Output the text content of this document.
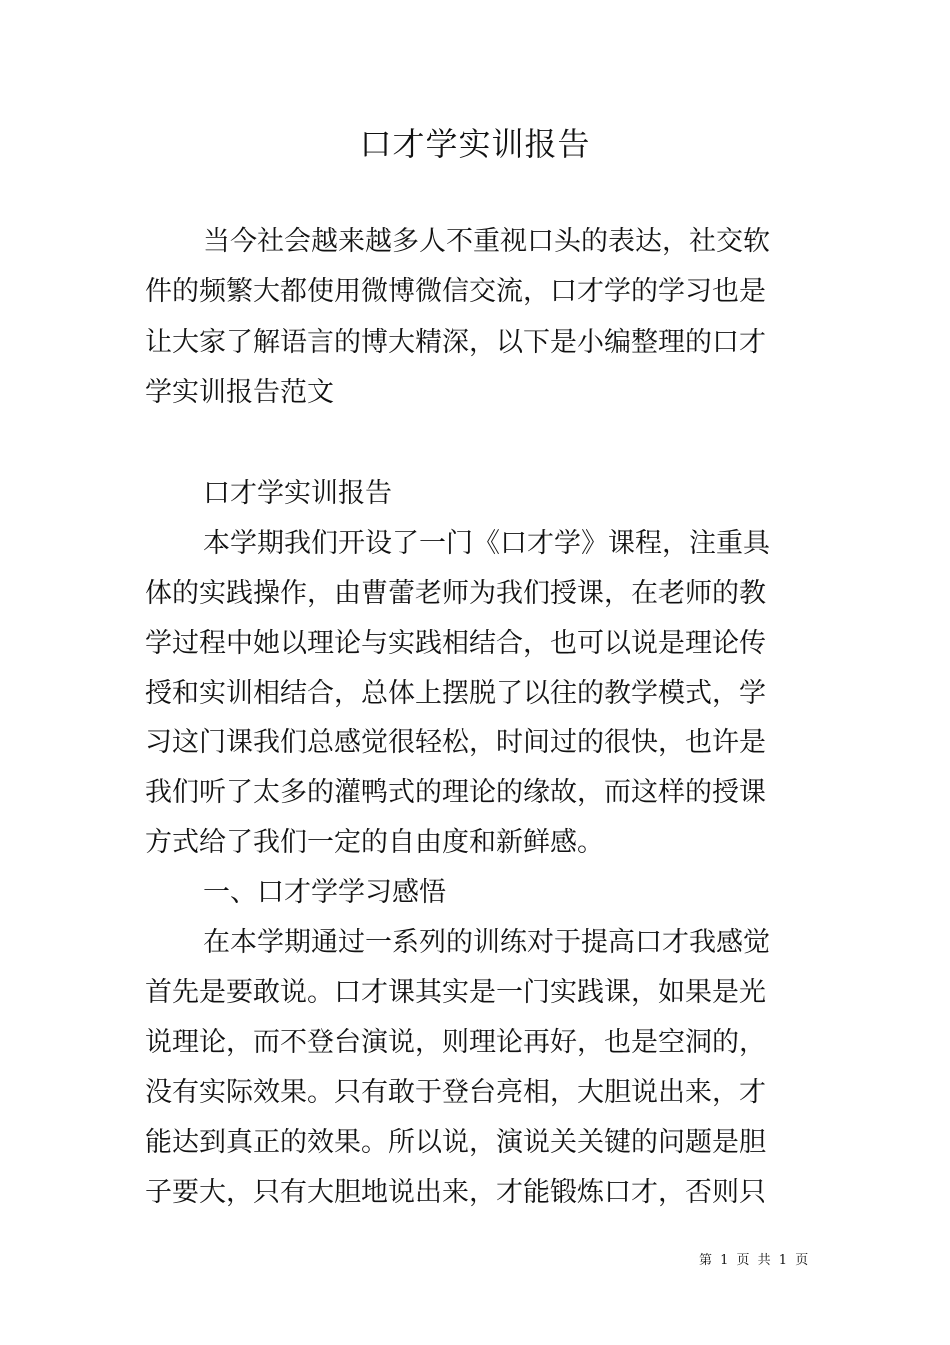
口才学实训报告
当今社会越来越多人不重视口头的表达，社交软
件的频繁大都使用微博微信交流，口才学的学习也是
让大家了解语言的博大精深，以下是小编整理的口才
学实训报告范文
口才学实训报告
本学期我们开设了一门《口才学》课程，注重具
体的实践操作，由曹蕾老师为我们授课，在老师的教
学过程中她以理论与实践相结合，也可以说是理论传
授和实训相结合，总体上摆脱了以往的教学模式，学
习这门课我们总感觉很轻松，时间过的很快，也许是
我们听了太多的灌鸭式的理论的缘故，而这样的授课
方式给了我们一定的自由度和新鲜感。
一、口才学学习感悟
在本学期通过一系列的训练对于提高口才我感觉
首先是要敢说。口才课其实是一门实践课，如果是光
说理论，而不登台演说，则理论再好，也是空洞的，
没有实际效果。只有敢于登台亮相，大胆说出来，才
能达到真正的效果。所以说，演说关关键的问题是胆
子要大，只有大胆地说出来，才能锻炼口才，否则只
第 1 页 共 1 页
